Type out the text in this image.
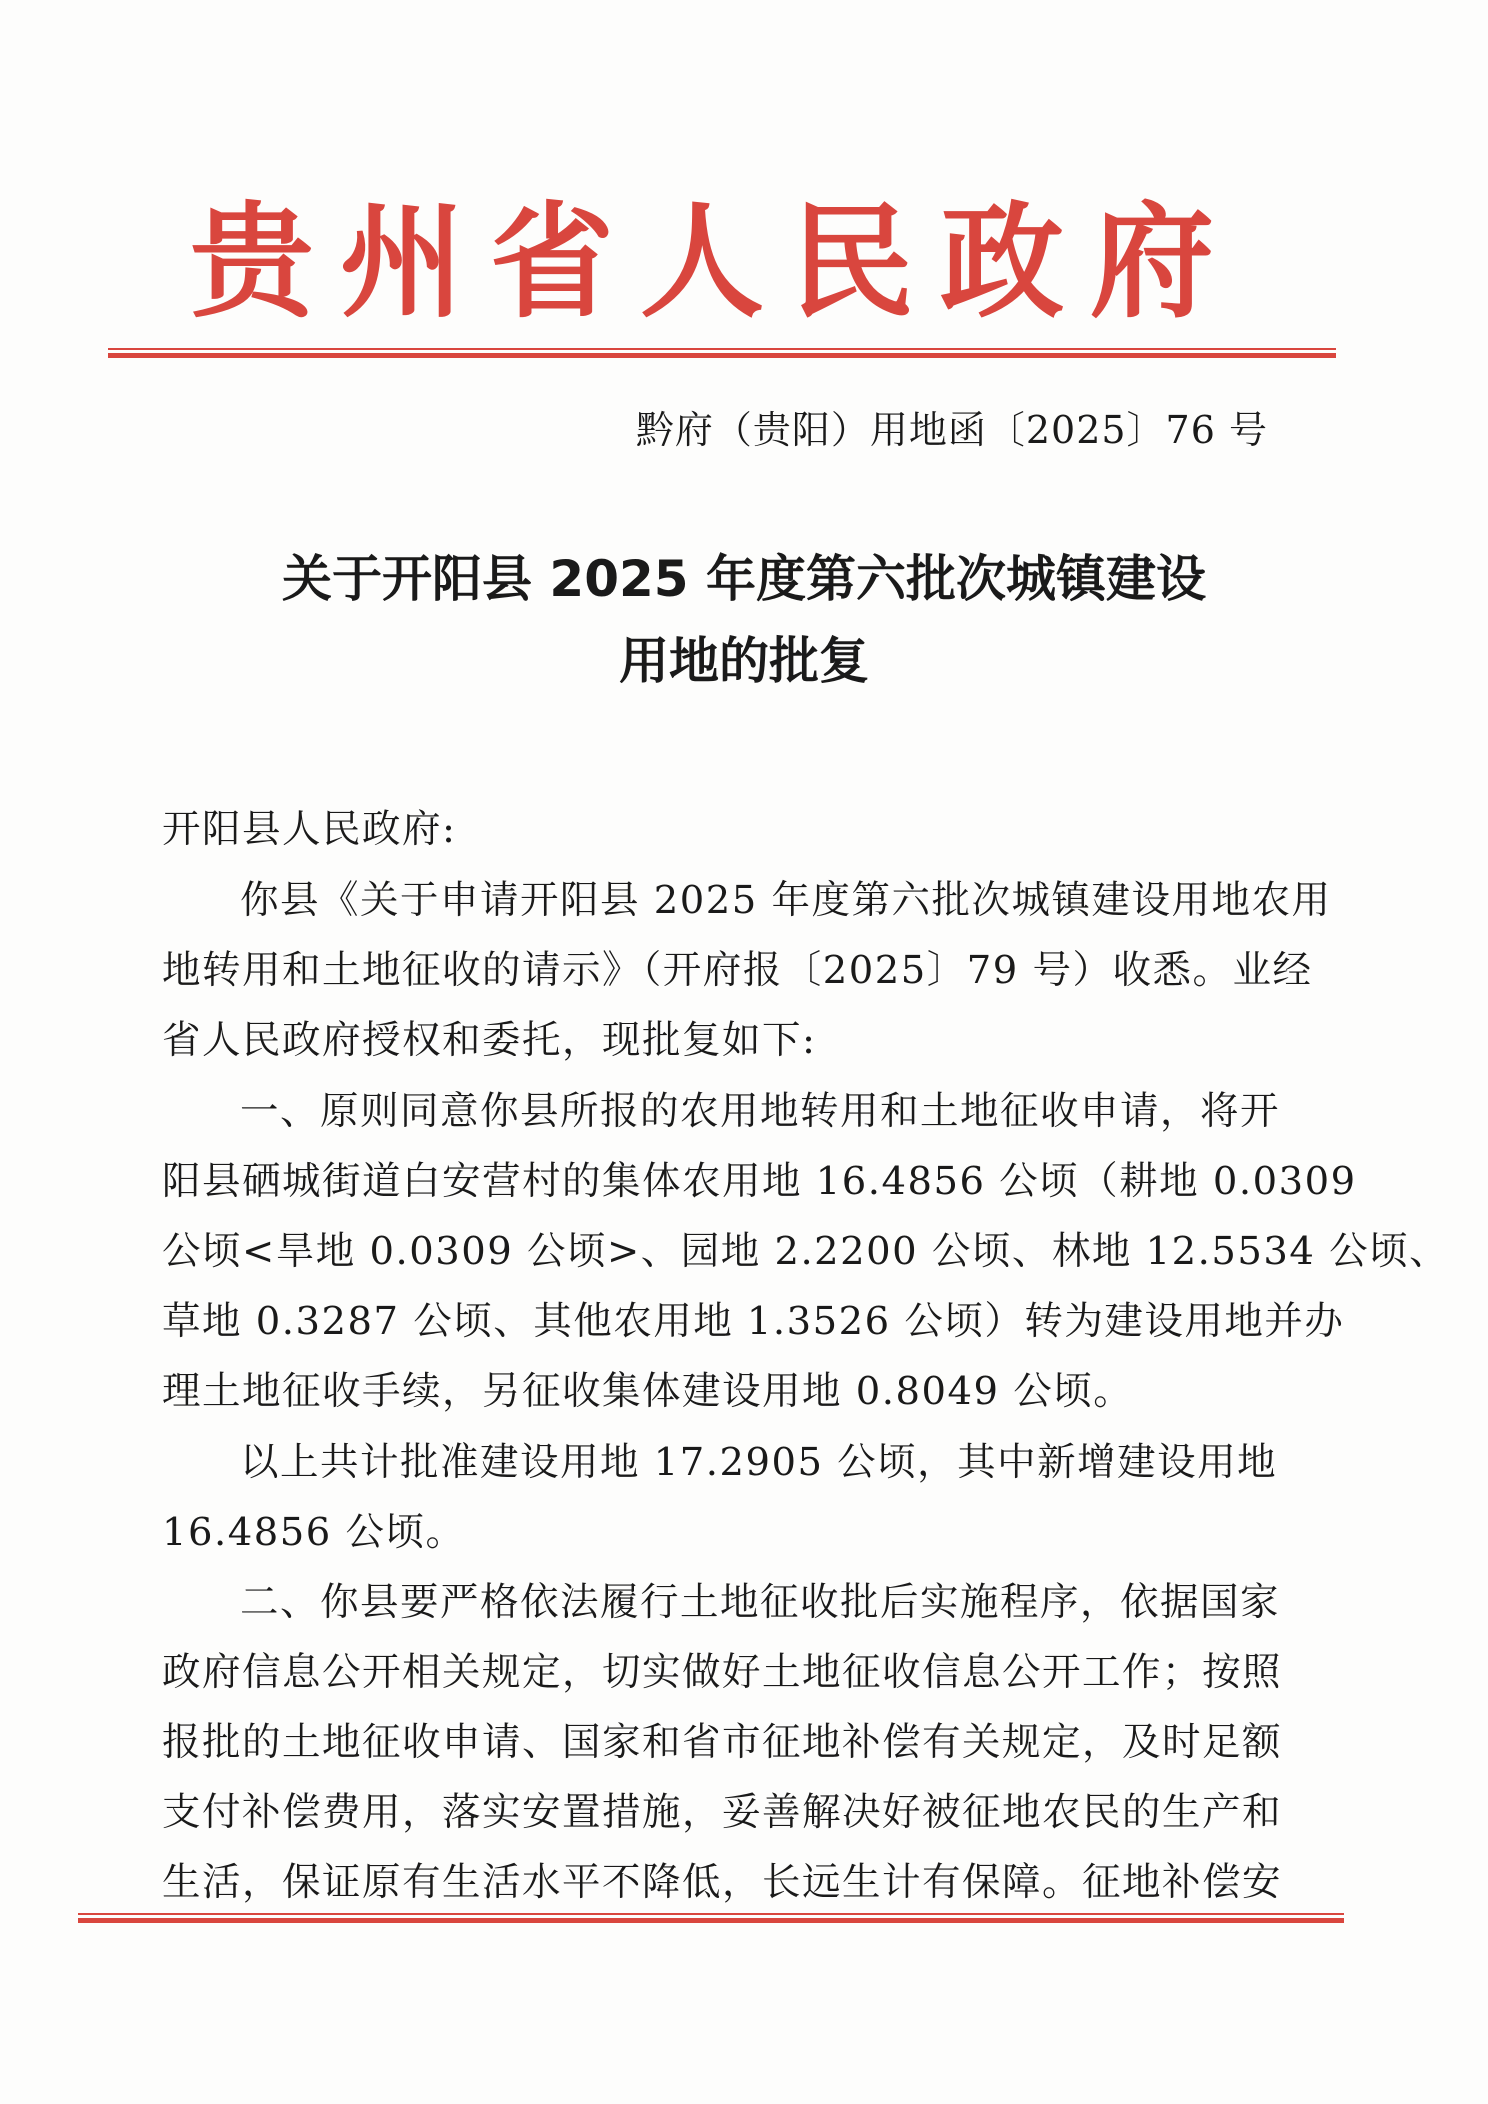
贵州省人民政府
黔府（贵阳）用地函〔2025〕76 号
关于开阳县 2025 年度第六批次城镇建设
用地的批复
开阳县人民政府:
你县《关于申请开阳县 2025 年度第六批次城镇建设用地农用
地转用和土地征收的请示》（开府报〔2025〕79 号）收悉。业经
省人民政府授权和委托，现批复如下:
一、原则同意你县所报的农用地转用和土地征收申请，将开
阳县硒城街道白安营村的集体农用地 16.4856 公顷（耕地 0.0309
公顷<旱地 0.0309 公顷>、园地 2.2200 公顷、林地 12.5534 公顷、
草地 0.3287 公顷、其他农用地 1.3526 公顷）转为建设用地并办
理土地征收手续，另征收集体建设用地 0.8049 公顷。
以上共计批准建设用地 17.2905 公顷，其中新增建设用地
16.4856 公顷。
二、你县要严格依法履行土地征收批后实施程序，依据国家
政府信息公开相关规定，切实做好土地征收信息公开工作；按照
报批的土地征收申请、国家和省市征地补偿有关规定，及时足额
支付补偿费用，落实安置措施，妥善解决好被征地农民的生产和
生活，保证原有生活水平不降低，长远生计有保障。征地补偿安
